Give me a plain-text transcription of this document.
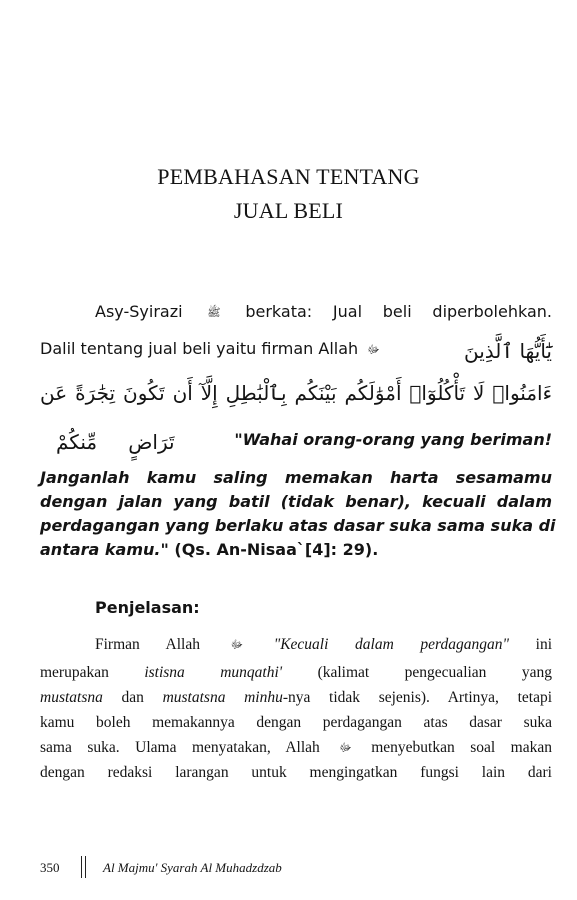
PEMBAHASAN TENTANG
JUAL BELI
Asy-Syirazi ﷺ berkata: Jual beli diperbolehkan.
Dalil tentang jual beli yaitu firman Allah ﷻ	يَٰٓأَيُّهَا ٱلَّذِينَ
ءَامَنُوا۟ لَا تَأْكُلُوٓا۟ أَمْوَٰلَكُم بَيْنَكُم بِٱلْبَٰطِلِ إِلَّآ أَن تَكُونَ تِجَٰرَةً عَن
مِّنكُمْ تَرَاضٍ	"Wahai orang-orang yang beriman!
Janganlah kamu saling memakan harta sesamamu
dengan jalan yang batil (tidak benar), kecuali dalam
perdagangan yang berlaku atas dasar suka sama suka di
antara kamu." (Qs. An-Nisaa`[4]: 29).
Penjelasan:
Firman Allah	ﷻ "Kecuali dalam perdagangan" ini
merupakan istisna munqathi' (kalimat pengecualian yang
mustatsna dan mustatsna minhu-nya tidak sejenis). Artinya, tetapi
kamu boleh memakannya dengan perdagangan atas dasar suka
sama suka. Ulama menyatakan, Allah ﷻ menyebutkan soal makan
dengan redaksi larangan untuk mengingatkan fungsi lain dari
350	Al Majmu' Syarah Al Muhadzdzab
